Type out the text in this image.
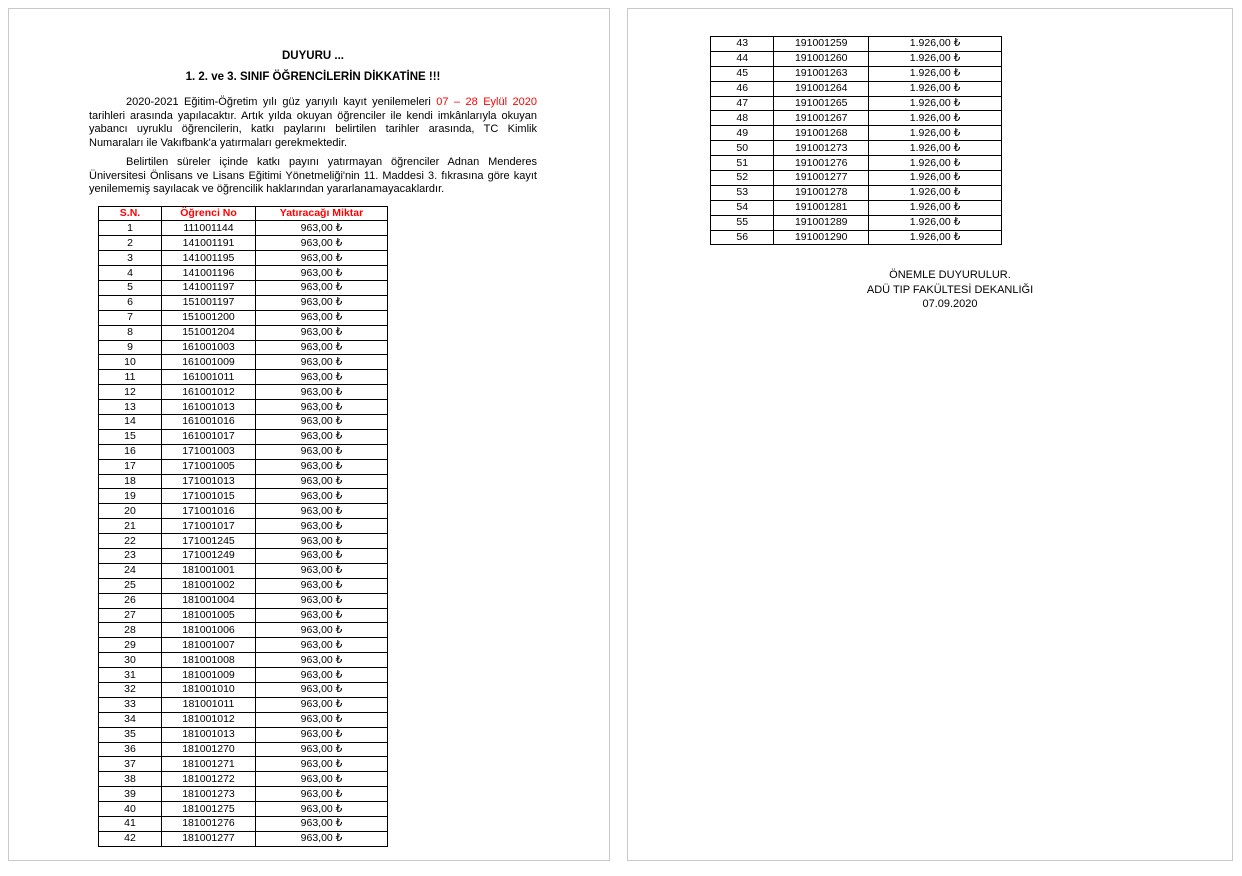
DUYURU ...
1. 2. ve 3. SINIF ÖĞRENCİLERİN DİKKATİNE !!!

2020-2021 Eğitim-Öğretim yılı güz yarıyılı kayıt yenilemeleri 07 – 28 Eylül 2020 tarihleri arasında yapılacaktır. Artık yılda okuyan öğrenciler ile kendi imkânlarıyla okuyan yabancı uyruklu öğrencilerin, katkı paylarını belirtilen tarihler arasında, TC Kimlik Numaraları ile Vakıfbank'a yatırmaları gerekmektedir.

Belirtilen süreler içinde katkı payını yatırmayan öğrenciler Adnan Menderes Üniversitesi Önlisans ve Lisans Eğitimi Yönetmeliği'nin 11. Maddesi 3. fıkrasına göre kayıt yenilememiş sayılacak ve öğrencilik haklarından yararlanamayacaklardır.

S.N.	Öğrenci No	Yatıracağı Miktar
1	111001144	963,00 ₺
2	141001191	963,00 ₺
3	141001195	963,00 ₺
4	141001196	963,00 ₺
5	141001197	963,00 ₺
6	151001197	963,00 ₺
7	151001200	963,00 ₺
8	151001204	963,00 ₺
9	161001003	963,00 ₺
10	161001009	963,00 ₺
11	161001011	963,00 ₺
12	161001012	963,00 ₺
13	161001013	963,00 ₺
14	161001016	963,00 ₺
15	161001017	963,00 ₺
16	171001003	963,00 ₺
17	171001005	963,00 ₺
18	171001013	963,00 ₺
19	171001015	963,00 ₺
20	171001016	963,00 ₺
21	171001017	963,00 ₺
22	171001245	963,00 ₺
23	171001249	963,00 ₺
24	181001001	963,00 ₺
25	181001002	963,00 ₺
26	181001004	963,00 ₺
27	181001005	963,00 ₺
28	181001006	963,00 ₺
29	181001007	963,00 ₺
30	181001008	963,00 ₺
31	181001009	963,00 ₺
32	181001010	963,00 ₺
33	181001011	963,00 ₺
34	181001012	963,00 ₺
35	181001013	963,00 ₺
36	181001270	963,00 ₺
37	181001271	963,00 ₺
38	181001272	963,00 ₺
39	181001273	963,00 ₺
40	181001275	963,00 ₺
41	181001276	963,00 ₺
42	181001277	963,00 ₺
43	191001259	1.926,00 ₺
44	191001260	1.926,00 ₺
45	191001263	1.926,00 ₺
46	191001264	1.926,00 ₺
47	191001265	1.926,00 ₺
48	191001267	1.926,00 ₺
49	191001268	1.926,00 ₺
50	191001273	1.926,00 ₺
51	191001276	1.926,00 ₺
52	191001277	1.926,00 ₺
53	191001278	1.926,00 ₺
54	191001281	1.926,00 ₺
55	191001289	1.926,00 ₺
56	191001290	1.926,00 ₺
ÖNEMLE DUYURULUR.
ADÜ TIP FAKÜLTESİ DEKANLIĞI
07.09.2020
